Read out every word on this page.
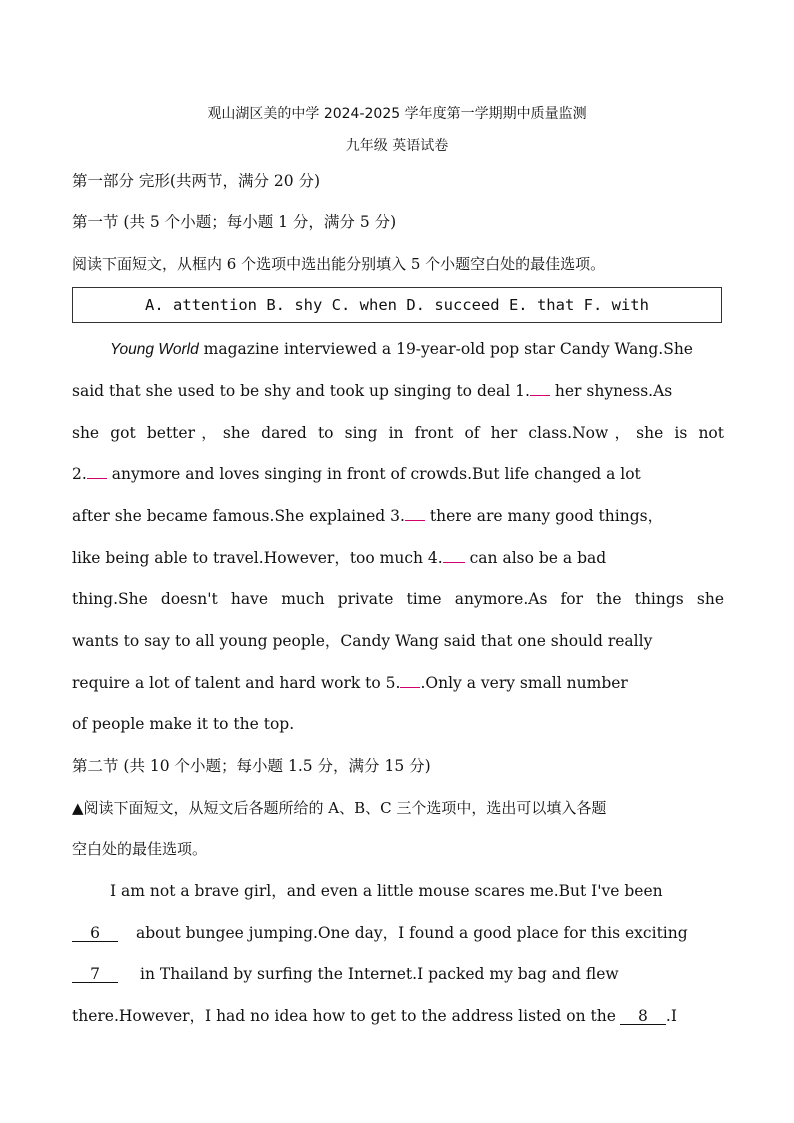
观山湖区美的中学 2024-2025 学年度第一学期期中质量监测
九年级 英语试卷
第一部分 完形(共两节，满分 20 分)
第一节 (共 5 个小题；每小题 1 分，满分 5 分)
阅读下面短文，从框内 6 个选项中选出能分别填入 5 个小题空白处的最佳选项。
A. attention B. shy C. when D. succeed E. that F. with
Young World magazine interviewed a 19-year-old pop star Candy Wang.She
said that she used to be shy and took up singing to deal 1. her shyness.As
she got better，she dared to sing in front of her class.Now，she is not
2. anymore and loves singing in front of crowds.But life changed a lot
after she became famous.She explained 3. there are many good things，
like being able to travel.However，too much 4. can also be a bad
thing.She doesn't have much private time anymore.As for the things she
wants to say to all young people，Candy Wang said that one should really
require a lot of talent and hard work to 5. .Only a very small number
of people make it to the top.
第二节 (共 10 个小题；每小题 1.5 分，满分 15 分)
▲阅读下面短文，从短文后各题所给的 A、B、C 三个选项中，选出可以填入各题
空白处的最佳选项。
I am not a brave girl，and even a little mouse scares me.But I've been
6 about bungee jumping.One day，I found a good place for this exciting
7	in Thailand by surfing the Internet.I packed my bag and flew
there.However，I had no idea how to get to the address listed on the 8 .I
